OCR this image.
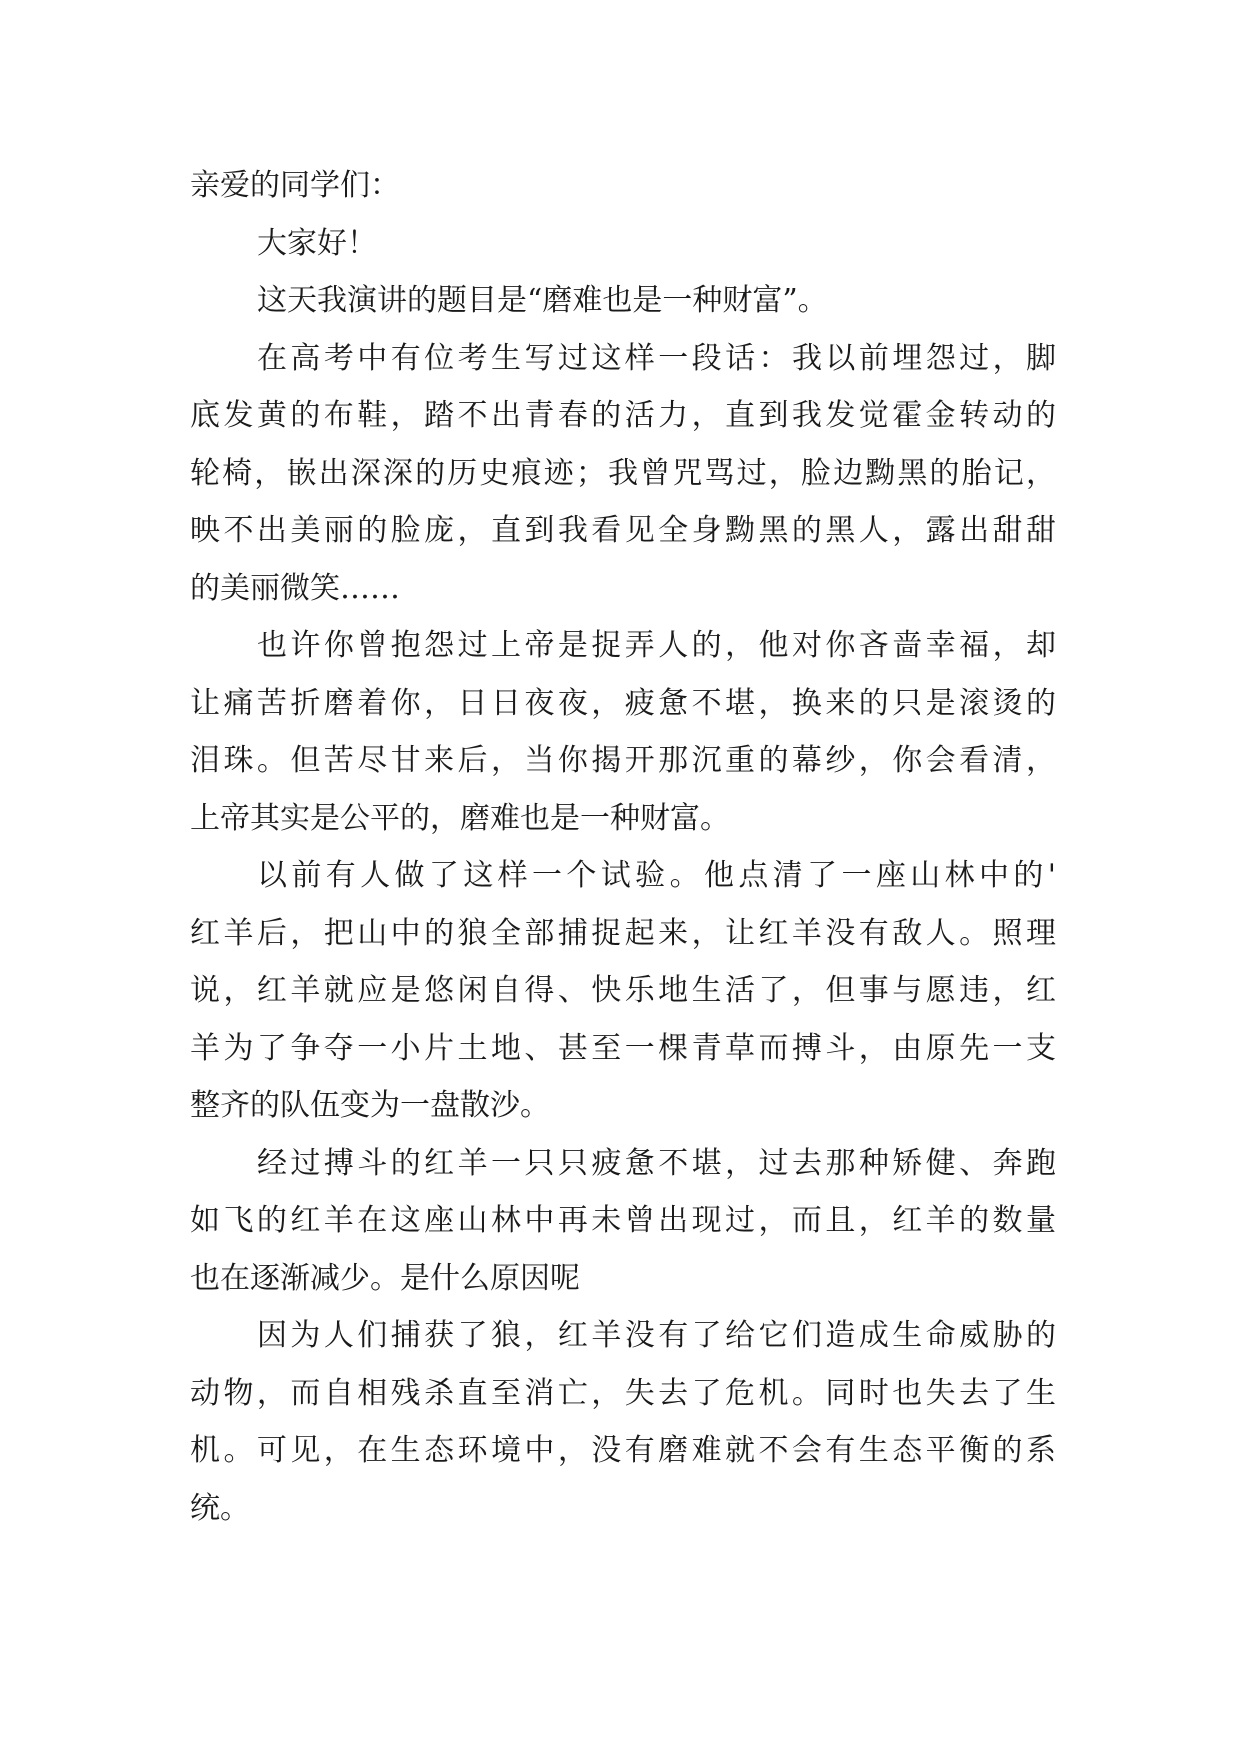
亲爱的同学们：
大家好！
这天我演讲的题目是“磨难也是一种财富”。
在高考中有位考生写过这样一段话：我以前埋怨过，脚
底发黄的布鞋，踏不出青春的活力，直到我发觉霍金转动的
轮椅，嵌出深深的历史痕迹；我曾咒骂过，脸边黝黑的胎记，
映不出美丽的脸庞，直到我看见全身黝黑的黑人，露出甜甜
的美丽微笑……
也许你曾抱怨过上帝是捉弄人的，他对你吝啬幸福，却
让痛苦折磨着你，日日夜夜，疲惫不堪，换来的只是滚烫的
泪珠。但苦尽甘来后，当你揭开那沉重的幕纱，你会看清，
上帝其实是公平的，磨难也是一种财富。
以前有人做了这样一个试验。他点清了一座山林中的'
红羊后，把山中的狼全部捕捉起来，让红羊没有敌人。照理
说，红羊就应是悠闲自得、快乐地生活了，但事与愿违，红
羊为了争夺一小片土地、甚至一棵青草而搏斗，由原先一支
整齐的队伍变为一盘散沙。
经过搏斗的红羊一只只疲惫不堪，过去那种矫健、奔跑
如飞的红羊在这座山林中再未曾出现过，而且，红羊的数量
也在逐渐减少。是什么原因呢
因为人们捕获了狼，红羊没有了给它们造成生命威胁的
动物，而自相残杀直至消亡，失去了危机。同时也失去了生
机。可见，在生态环境中，没有磨难就不会有生态平衡的系
统。
